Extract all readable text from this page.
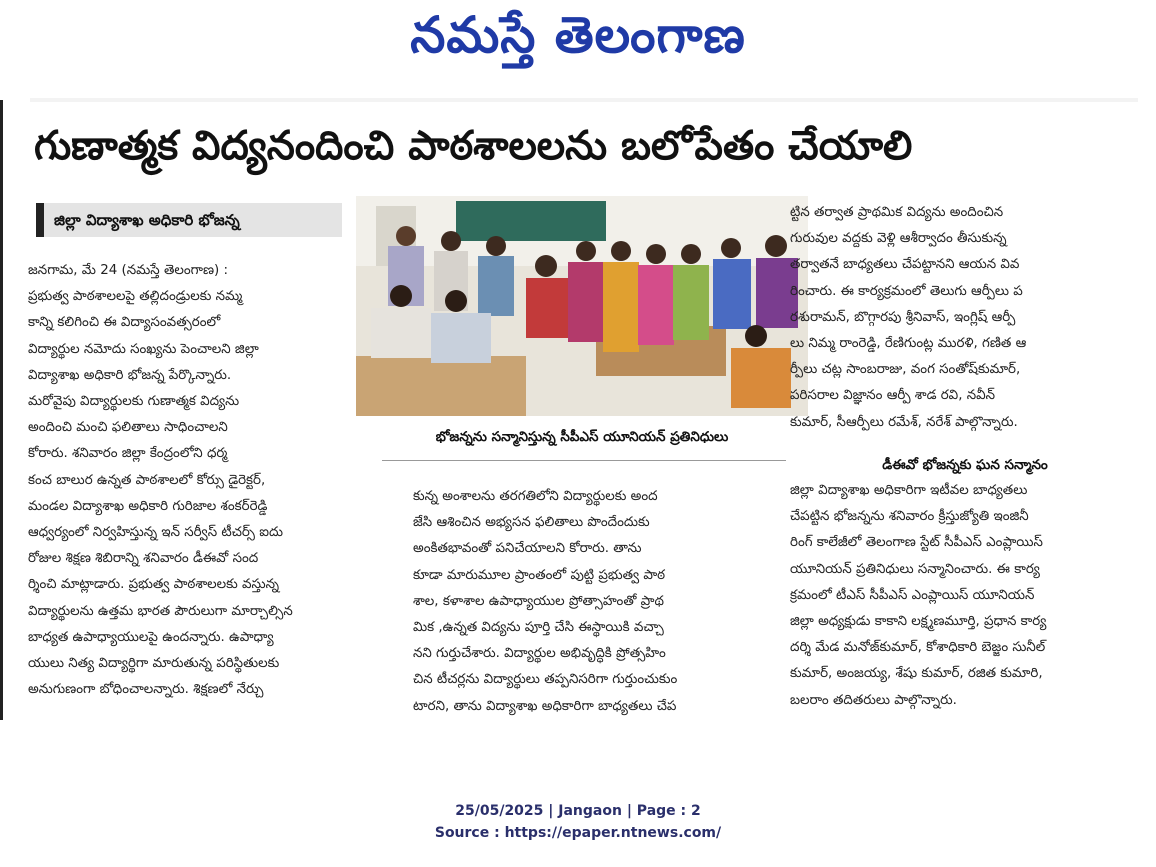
నమస్తే తెలంగాణ
గుణాత్మక విద్యనందించి పాఠశాలలను బలోపేతం చేయాలి
జిల్లా విద్యాశాఖ అధికారి భోజన్న

జనగామ, మే 24 (నమస్తే తెలంగాణ) :

ప్రభుత్వ పాఠశాలలపై తల్లిదండ్రులకు నమ్మ

కాన్ని కలిగించి ఈ విద్యాసంవత్సరంలో

విద్యార్థుల నమోదు సంఖ్యను పెంచాలని జిల్లా

విద్యాశాఖ అధికారి భోజన్న పేర్కొన్నారు.

మరోవైపు విద్యార్థులకు గుణాత్మక విద్యను

అందించి మంచి ఫలితాలు సాధించాలని

కోరారు. శనివారం జిల్లా కేంద్రంలోని ధర్మ

కంచ బాలుర ఉన్నత పాఠశాలలో కోర్సు డైరెక్టర్,

మండల విద్యాశాఖ అధికారి గురిజాల శంకర్‌రెడ్డి

ఆధ్వర్యంలో నిర్వహిస్తున్న ఇన్ సర్వీస్ టీచర్స్ ఐదు

రోజుల శిక్షణ శిబిరాన్ని శనివారం డీఈవో సంద

ర్శించి మాట్లాడారు. ప్రభుత్వ పాఠశాలలకు వస్తున్న

విద్యార్థులను ఉత్తమ భారత పౌరులుగా మార్చాల్సిన

బాధ్యత ఉపాధ్యాయులపై ఉందన్నారు. ఉపాధ్యా

యులు నిత్య విద్యార్థిగా మారుతున్న పరిస్థితులకు

అనుగుణంగా బోధించాలన్నారు. శిక్షణలో నేర్చు

భోజన్నను సన్మానిస్తున్న సీపీఎస్ యూనియన్ ప్రతినిధులు

కున్న అంశాలను తరగతిలోని విద్యార్థులకు అంద

జేసి ఆశించిన అభ్యసన ఫలితాలు పొందేందుకు

అంకితభావంతో పనిచేయాలని కోరారు. తాను

కూడా మారుమూల ప్రాంతంలో పుట్టి ప్రభుత్వ పాఠ

శాల, కళాశాల ఉపాధ్యాయుల ప్రోత్సాహంతో ప్రాథ

మిక ,ఉన్నత విద్యను పూర్తి చేసి ఈస్థాయికి వచ్చా

నని గుర్తుచేశారు. విద్యార్థుల అభివృద్ధికి ప్రోత్సహిం

చిన టీచర్లను విద్యార్థులు తప్పనిసరిగా గుర్తుంచుకుం

టారని, తాను విద్యాశాఖ అధికారిగా బాధ్యతలు చేప

ట్టిన తర్వాత ప్రాథమిక విద్యను అందించిన

గురువుల వద్దకు వెళ్లి ఆశీర్వాదం తీసుకున్న

తర్వాతనే బాధ్యతలు చేపట్టానని ఆయన వివ

రించారు. ఈ కార్యక్రమంలో తెలుగు ఆర్పీలు ప

రశురామన్, బొగ్గారపు శ్రీనివాస్, ఇంగ్లిష్ ఆర్పీ

లు నిమ్మ రాంరెడ్డి, రేణిగుంట్ల మురళి, గణిత ఆ

ర్పీలు చట్ల సాంబరాజు, వంగ సంతోష్‌కుమార్,

పరిసరాల విజ్ఞానం ఆర్పీ శాడ రవి, నవీన్

కుమార్, సీఆర్పీలు రమేశ్, నరేశ్ పాల్గొన్నారు.

డీఈవో భోజన్నకు ఘన సన్మానం

జిల్లా విద్యాశాఖ అధికారిగా ఇటీవల బాధ్యతలు

చేపట్టిన భోజన్నను శనివారం క్రీస్తుజ్యోతి ఇంజినీ

రింగ్ కాలేజీలో తెలంగాణ స్టేట్ సీపీఎస్ ఎంప్లాయిస్

యూనియన్ ప్రతినిధులు సన్మానించారు. ఈ కార్య

క్రమంలో టీఎస్ సీపీఎస్ ఎంప్లాయిస్ యూనియన్

జిల్లా అధ్యక్షుడు కాకాని లక్ష్మణమూర్తి, ప్రధాన కార్య

దర్శి మేడ మనోజ్‌కుమార్, కోశాధికారి బెజ్జం సునీల్

కుమార్, అంజయ్య, శేషు కుమార్, రజిత కుమారి,

బలరాం తదితరులు పాల్గొన్నారు.

25/05/2025 | Jangaon | Page : 2
Source : https://epaper.ntnews.com/
